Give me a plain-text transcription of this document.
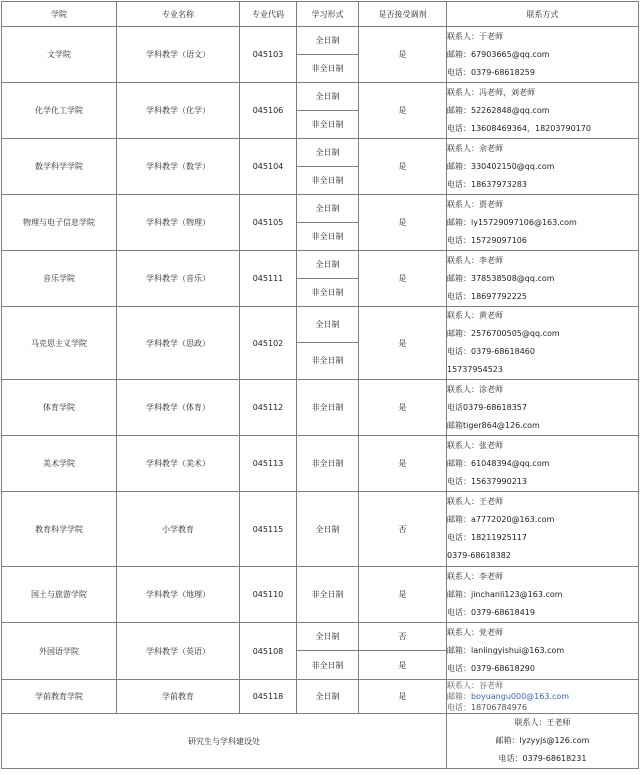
学院	专业名称	专业代码	学习形式	是否接受调剂	联系方式
文学院	学科教学（语文）	045103	全日制	是	联系人：于老师
邮箱：67903665@qq.com
电话：0379-68618259

			非全日制		
化学化工学院	学科教学（化学）	045106	全日制	是	联系人：冯老师，刘老师
邮箱：52262848@qq.com
电话：13608469364，18203790170

			非全日制		
数学科学学院	学科教学（数学）	045104	全日制	是	联系人：余老师
邮箱：330402150@qq.com
电话：18637973283

			非全日制		
物理与电子信息学院	学科教学（物理）	045105	全日制	是	联系人：贾老师
邮箱：ly15729097106@163.com
电话：15729097106

			非全日制		
音乐学院	学科教学（音乐）	045111	全日制	是	联系人：李老师
邮箱：378538508@qq.com
电话：18697792225

			非全日制		
马克思主义学院	学科教学（思政）	045102	全日制	是	联系人：黄老师
邮箱：2576700505@qq.com
电话：0379-68618460
15737954523

			非全日制		
体育学院	学科教学（体育）	045112	非全日制	是	联系人：涂老师
电话0379-68618357
邮箱tiger864@126.com

美术学院	学科教学（美术）	045113	非全日制	是	联系人：张老师
邮箱：61048394@qq.com
电话：15637990213

教育科学学院	小学教育	045115	全日制	否	联系人：王老师
邮箱：a7772020@163.com
电话：18211925117
0379-68618382

国土与旅游学院	学科教学（地理）	045110	非全日制	是	联系人：李老师
邮箱：jinchanli123@163.com
电话：0379-68618419

外国语学院	学科教学（英语）	045108	全日制	否	联系人：党老师
邮箱：lanlingyishui@163.com
电话：0379-68618290

			非全日制	是	
学前教育学院	学前教育	045118	全日制	是	联系人：谷老师
邮箱：boyuangu000@163.com
电话：18706784976

研究生与学科建设处					联系人：王老师
邮箱：lyzyyjs@126.com
电话：0379-68618231
